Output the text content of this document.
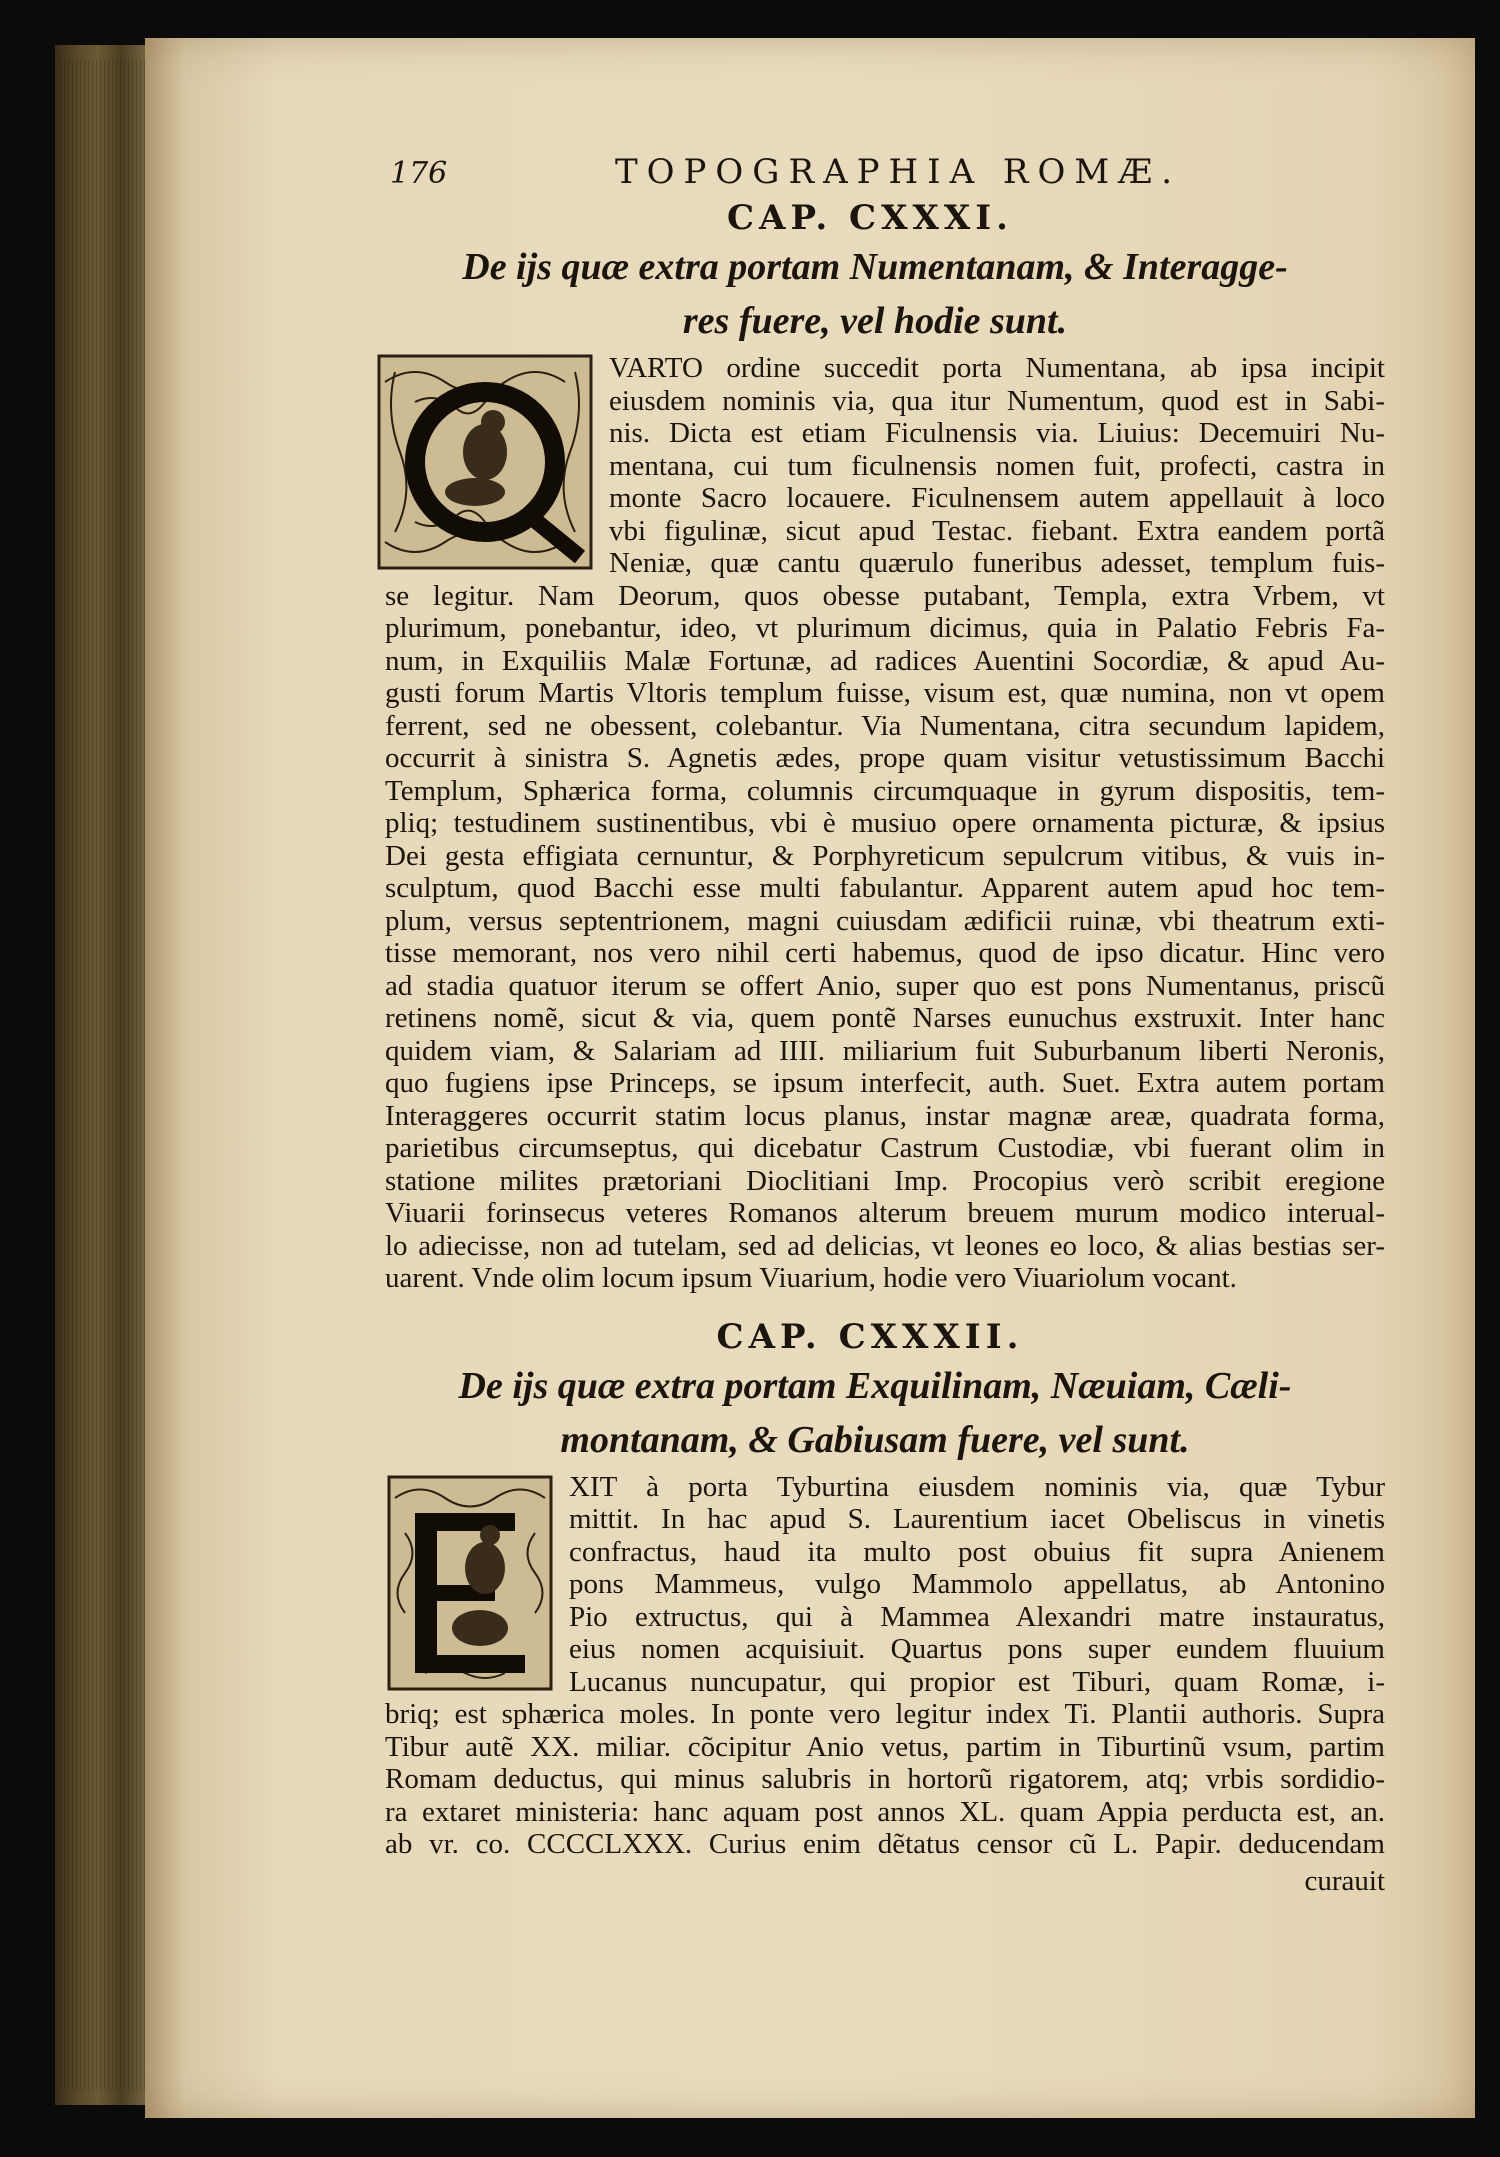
176	TOPOGRAPHIA ROMÆ.
CAP. CXXXI.
De ijs quæ extra portam Numentanam, & Interagge-
res fuere, vel hodie sunt.

VARTO ordine succedit porta Numentana, ab ipsa incipit

eiusdem nominis via, qua itur Numentum, quod est in Sabi-

nis. Dicta est etiam Ficulnensis via. Liuius: Decemuiri Nu-

mentana, cui tum ficulnensis nomen fuit, profecti, castra in

monte Sacro locauere. Ficulnensem autem appellauit à loco

vbi figulinæ, sicut apud Testac. fiebant. Extra eandem portã

Neniæ, quæ cantu quærulo funeribus adesset, templum fuis-

se legitur. Nam Deorum, quos obesse putabant, Templa, extra Vrbem, vt

plurimum, ponebantur, ideo, vt plurimum dicimus, quia in Palatio Febris Fa-

num, in Exquiliis Malæ Fortunæ, ad radices Auentini Socordiæ, & apud Au-

gusti forum Martis Vltoris templum fuisse, visum est, quæ numina, non vt opem

ferrent, sed ne obessent, colebantur. Via Numentana, citra secundum lapidem,

occurrit à sinistra S. Agnetis ædes, prope quam visitur vetustissimum Bacchi

Templum, Sphærica forma, columnis circumquaque in gyrum dispositis, tem-

pliq; testudinem sustinentibus, vbi è musiuo opere ornamenta picturæ, & ipsius

Dei gesta effigiata cernuntur, & Porphyreticum sepulcrum vitibus, & vuis in-

sculptum, quod Bacchi esse multi fabulantur. Apparent autem apud hoc tem-

plum, versus septentrionem, magni cuiusdam ædificii ruinæ, vbi theatrum exti-

tisse memorant, nos vero nihil certi habemus, quod de ipso dicatur. Hinc vero

ad stadia quatuor iterum se offert Anio, super quo est pons Numentanus, priscũ

retinens nomẽ, sicut & via, quem pontẽ Narses eunuchus exstruxit. Inter hanc

quidem viam, & Salariam ad IIII. miliarium fuit Suburbanum liberti Neronis,

quo fugiens ipse Princeps, se ipsum interfecit, auth. Suet. Extra autem portam

Interaggeres occurrit statim locus planus, instar magnæ areæ, quadrata forma,

parietibus circumseptus, qui dicebatur Castrum Custodiæ, vbi fuerant olim in

statione milites prætoriani Dioclitiani Imp. Procopius verò scribit eregione

Viuarii forinsecus veteres Romanos alterum breuem murum modico interual-

lo adiecisse, non ad tutelam, sed ad delicias, vt leones eo loco, & alias bestias ser-

uarent. Vnde olim locum ipsum Viuarium, hodie vero Viuariolum vocant.

CAP. CXXXII.
De ijs quæ extra portam Exquilinam, Næuiam, Cæli-
montanam, & Gabiusam fuere, vel sunt.

XIT à porta Tyburtina eiusdem nominis via, quæ Tybur

mittit. In hac apud S. Laurentium iacet Obeliscus in vinetis

confractus, haud ita multo post obuius fit supra Anienem

pons Mammeus, vulgo Mammolo appellatus, ab Antonino

Pio extructus, qui à Mammea Alexandri matre instauratus,

eius nomen acquisiuit. Quartus pons super eundem fluuium

Lucanus nuncupatur, qui propior est Tiburi, quam Romæ, i-

briq; est sphærica moles. In ponte vero legitur index Ti. Plantii authoris. Supra

Tibur autẽ XX. miliar. cõcipitur Anio vetus, partim in Tiburtinũ vsum, partim

Romam deductus, qui minus salubris in hortorũ rigatorem, atq; vrbis sordidio-

ra extaret ministeria: hanc aquam post annos XL. quam Appia perducta est, an.

ab vr. co. CCCCLXXX. Curius enim dẽtatus censor cũ L. Papir. deducendam

curauit
